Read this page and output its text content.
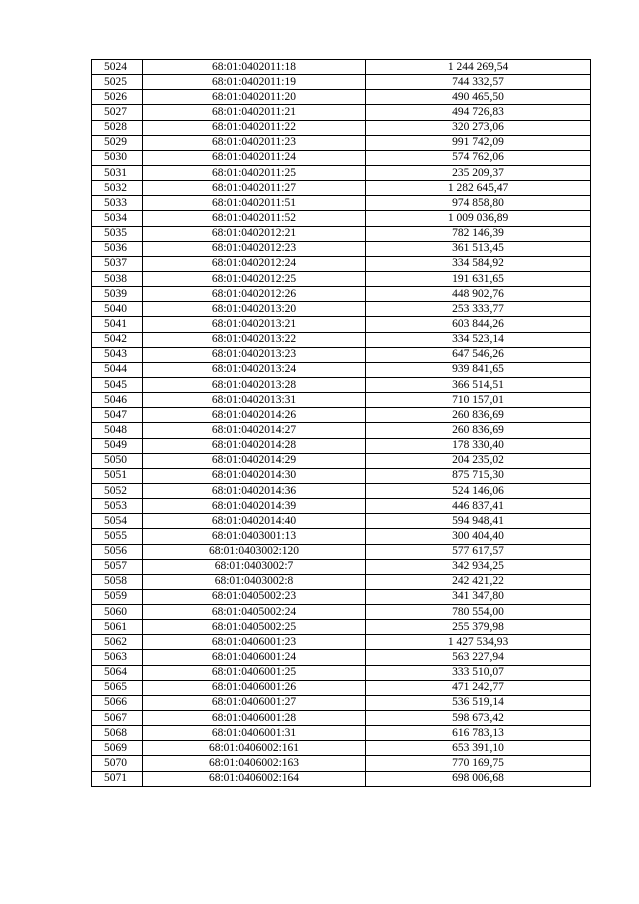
5024	68:01:0402011:18	1 244 269,54
5025	68:01:0402011:19	744 332,57
5026	68:01:0402011:20	490 465,50
5027	68:01:0402011:21	494 726,83
5028	68:01:0402011:22	320 273,06
5029	68:01:0402011:23	991 742,09
5030	68:01:0402011:24	574 762,06
5031	68:01:0402011:25	235 209,37
5032	68:01:0402011:27	1 282 645,47
5033	68:01:0402011:51	974 858,80
5034	68:01:0402011:52	1 009 036,89
5035	68:01:0402012:21	782 146,39
5036	68:01:0402012:23	361 513,45
5037	68:01:0402012:24	334 584,92
5038	68:01:0402012:25	191 631,65
5039	68:01:0402012:26	448 902,76
5040	68:01:0402013:20	253 333,77
5041	68:01:0402013:21	603 844,26
5042	68:01:0402013:22	334 523,14
5043	68:01:0402013:23	647 546,26
5044	68:01:0402013:24	939 841,65
5045	68:01:0402013:28	366 514,51
5046	68:01:0402013:31	710 157,01
5047	68:01:0402014:26	260 836,69
5048	68:01:0402014:27	260 836,69
5049	68:01:0402014:28	178 330,40
5050	68:01:0402014:29	204 235,02
5051	68:01:0402014:30	875 715,30
5052	68:01:0402014:36	524 146,06
5053	68:01:0402014:39	446 837,41
5054	68:01:0402014:40	594 948,41
5055	68:01:0403001:13	300 404,40
5056	68:01:0403002:120	577 617,57
5057	68:01:0403002:7	342 934,25
5058	68:01:0403002:8	242 421,22
5059	68:01:0405002:23	341 347,80
5060	68:01:0405002:24	780 554,00
5061	68:01:0405002:25	255 379,98
5062	68:01:0406001:23	1 427 534,93
5063	68:01:0406001:24	563 227,94
5064	68:01:0406001:25	333 510,07
5065	68:01:0406001:26	471 242,77
5066	68:01:0406001:27	536 519,14
5067	68:01:0406001:28	598 673,42
5068	68:01:0406001:31	616 783,13
5069	68:01:0406002:161	653 391,10
5070	68:01:0406002:163	770 169,75
5071	68:01:0406002:164	698 006,68
